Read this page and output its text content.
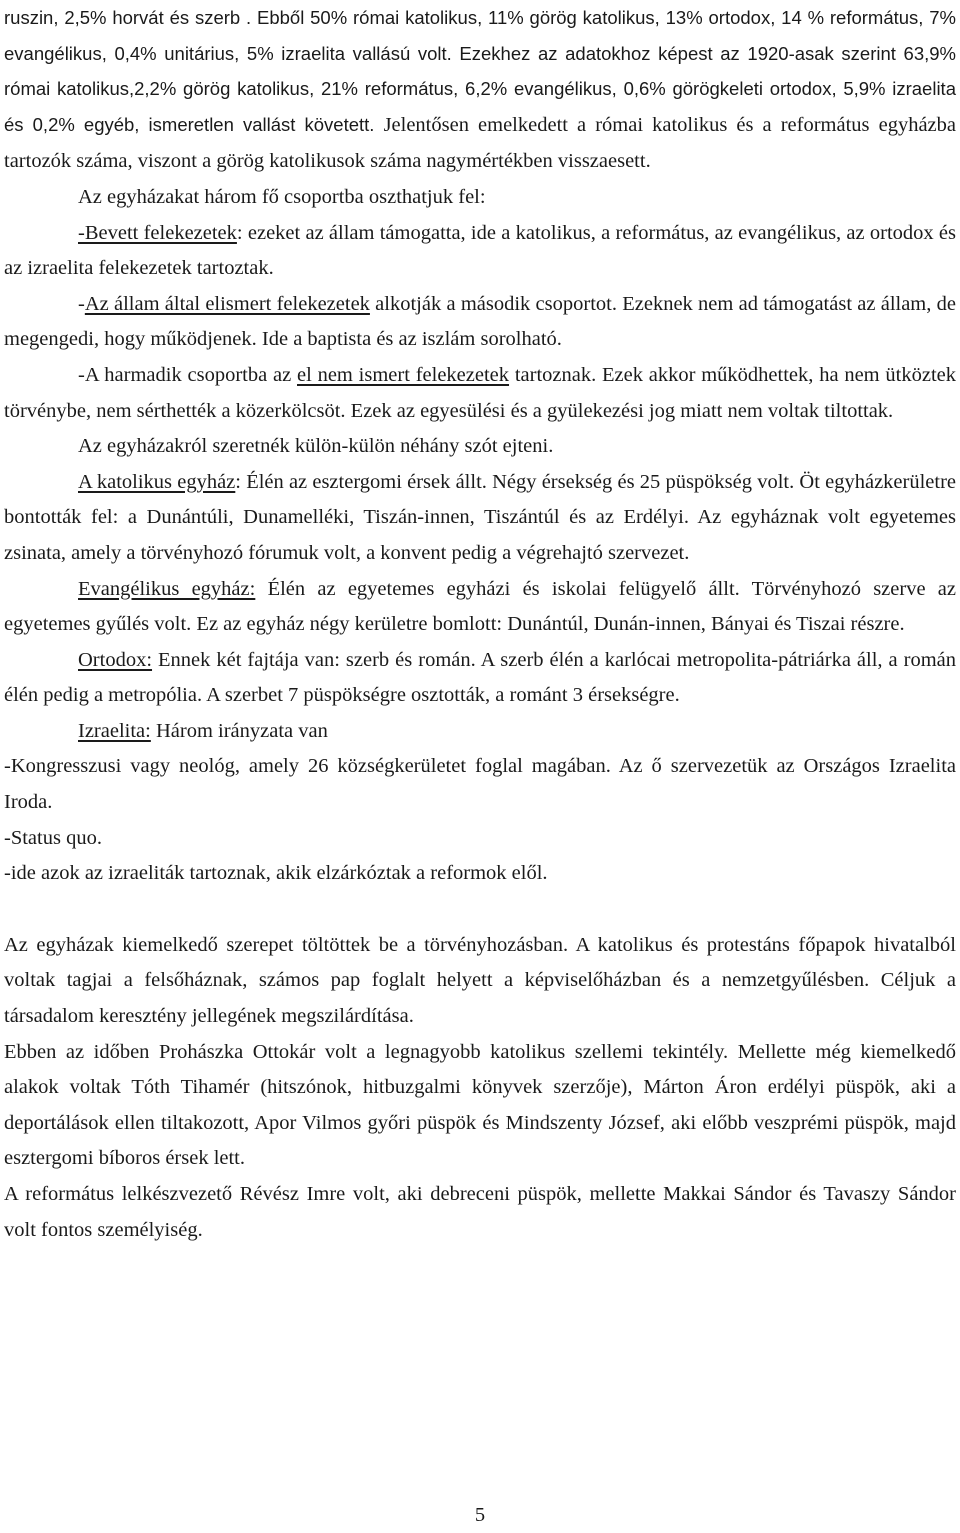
ruszin, 2,5% horvát és szerb . Ebből 50% római katolikus, 11% görög katolikus, 13% ortodox, 14 % református, 7% evangélikus, 0,4% unitárius, 5% izraelita vallású volt. Ezekhez az adatokhoz képest az 1920-asak szerint 63,9% római katolikus,2,2% görög katolikus, 21% református, 6,2% evangélikus, 0,6% görögkeleti ortodox, 5,9% izraelita és 0,2% egyéb, ismeretlen vallást követett. Jelentősen emelkedett a római katolikus és a református egyházba tartozók száma, viszont a görög katolikusok száma nagymértékben visszaesett.

Az egyházakat három fő csoportba oszthatjuk fel:

-Bevett felekezetek: ezeket az állam támogatta, ide a katolikus, a református, az evangélikus, az ortodox és az izraelita felekezetek tartoztak.

-Az állam által elismert felekezetek alkotják a második csoportot. Ezeknek nem ad támogatást az állam, de megengedi, hogy működjenek. Ide a baptista és az iszlám sorolható.

-A harmadik csoportba az el nem ismert felekezetek tartoznak. Ezek akkor működhettek, ha nem ütköztek törvénybe, nem sérthették a közerkölcsöt. Ezek az egyesülési és a gyülekezési jog miatt nem voltak tiltottak.

Az egyházakról szeretnék külön-külön néhány szót ejteni.

A katolikus egyház: Élén az esztergomi érsek állt. Négy érsekség és 25 püspökség volt. Öt egyházkerületre bontották fel: a Dunántúli, Dunamelléki, Tiszán-innen, Tiszántúl és az Erdélyi. Az egyháznak volt egyetemes zsinata, amely a törvényhozó fórumuk volt, a konvent pedig a végrehajtó szervezet.

Evangélikus egyház: Élén az egyetemes egyházi és iskolai felügyelő állt. Törvényhozó szerve az egyetemes gyűlés volt. Ez az egyház négy kerületre bomlott: Dunántúl, Dunán-innen, Bányai és Tiszai részre.

Ortodox: Ennek két fajtája van: szerb és román. A szerb élén a karlócai metropolita-pátriárka áll, a román élén pedig a metropólia. A szerbet 7 püspökségre osztották, a románt 3 érsekségre.

Izraelita: Három irányzata van

-Kongresszusi vagy neológ, amely 26 községkerületet foglal magában. Az ő szervezetük az Országos Izraelita Iroda.

-Status quo.

-ide azok az izraeliták tartoznak, akik elzárkóztak a reformok elől.

Az egyházak kiemelkedő szerepet töltöttek be a törvényhozásban. A katolikus és protestáns főpapok hivatalból voltak tagjai a felsőháznak, számos pap foglalt helyett a képviselőházban és a nemzetgyűlésben. Céljuk a társadalom keresztény jellegének megszilárdítása.

Ebben az időben Prohászka Ottokár volt a legnagyobb katolikus szellemi tekintély. Mellette még kiemelkedő alakok voltak Tóth Tihamér (hitszónok, hitbuzgalmi könyvek szerzője), Márton Áron erdélyi püspök, aki a deportálások ellen tiltakozott, Apor Vilmos győri püspök és Mindszenty József, aki előbb veszprémi püspök, majd esztergomi bíboros érsek lett.

A református lelkészvezető Révész Imre volt, aki debreceni püspök, mellette Makkai Sándor és Tavaszy Sándor volt fontos személyiség.

5
